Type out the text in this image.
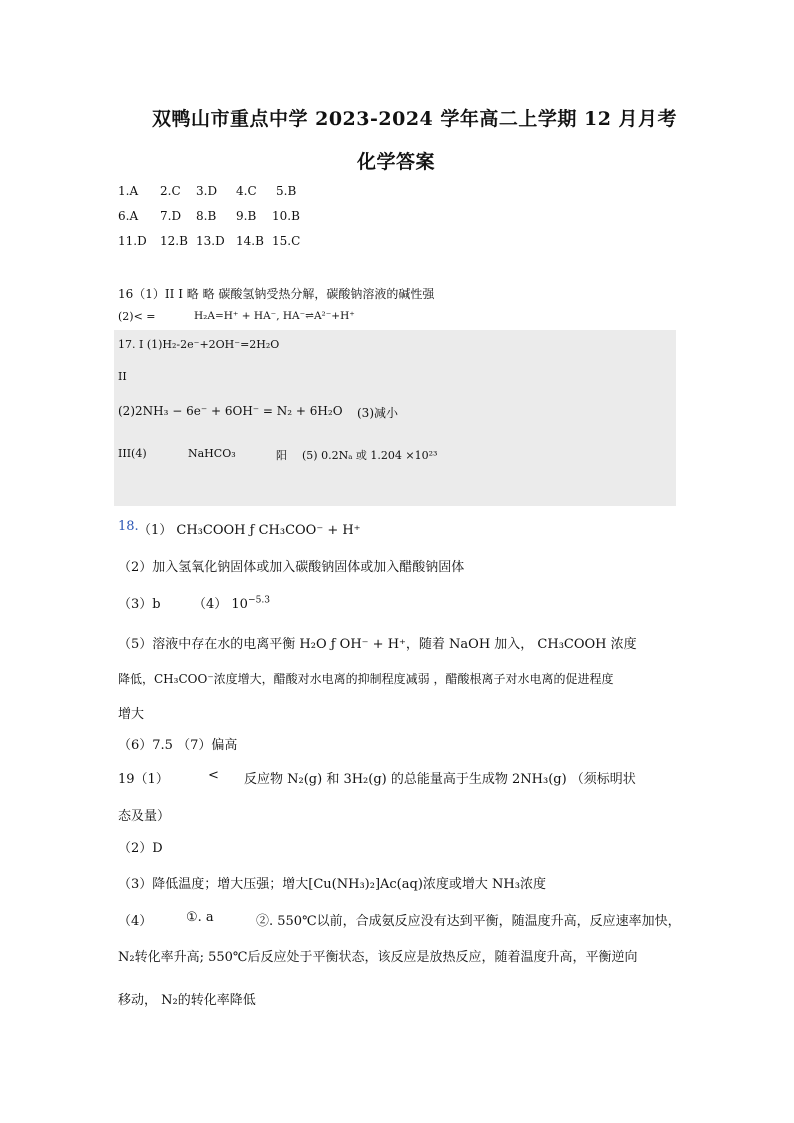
双鸭山市重点中学 2023-2024 学年高二上学期 12 月月考
化学答案
1.A 2.C 3.D 4.C 5.B
6.A 7.D 8.B 9.B 10.B
11.D 12.B 13.D 14.B 15.C
16（1）II I 略 略 碳酸氢钠受热分解，碳酸钠溶液的碱性强
(2)< =	H₂A=H⁺ + HA⁻, HA⁻⇌A²⁻+H⁺
17. I (1)H₂-2e⁻+2OH⁻=2H₂O
II
(2)2NH₃ − 6e⁻ + 6OH⁻ = N₂ + 6H₂O (3)减小
III(4)	NaHCO₃	阳 (5) 0.2Nₐ 或 1.204 ×10²³
18. （1） CH₃COOH ƒ CH₃COO⁻ + H⁺
（2）加入氢氧化钠固体或加入碳酸钠固体或加入醋酸钠固体
（3）b （4） $10^{-5.3}$
（5）溶液中存在水的电离平衡 H₂O ƒ OH⁻ + H⁺，随着 NaOH 加入， CH₃COOH 浓度
降低，CH₃COO⁻浓度增大，醋酸对水电离的抑制程度减弱 ，醋酸根离子对水电离的促进程度
增大
（6）7.5 （7）偏高
19（1）	< 反应物 N₂(g) 和 3H₂(g) 的总能量高于生成物 2NH₃(g) （须标明状
态及量）
（2）D
（3）降低温度；增大压强；增大[Cu(NH₃)₂]Ac(aq)浓度或增大 NH₃浓度
（4）	①. a	②. 550℃以前，合成氨反应没有达到平衡，随温度升高，反应速率加快，
N₂转化率升高; 550℃后反应处于平衡状态，该反应是放热反应，随着温度升高，平衡逆向
移动， N₂的转化率降低
